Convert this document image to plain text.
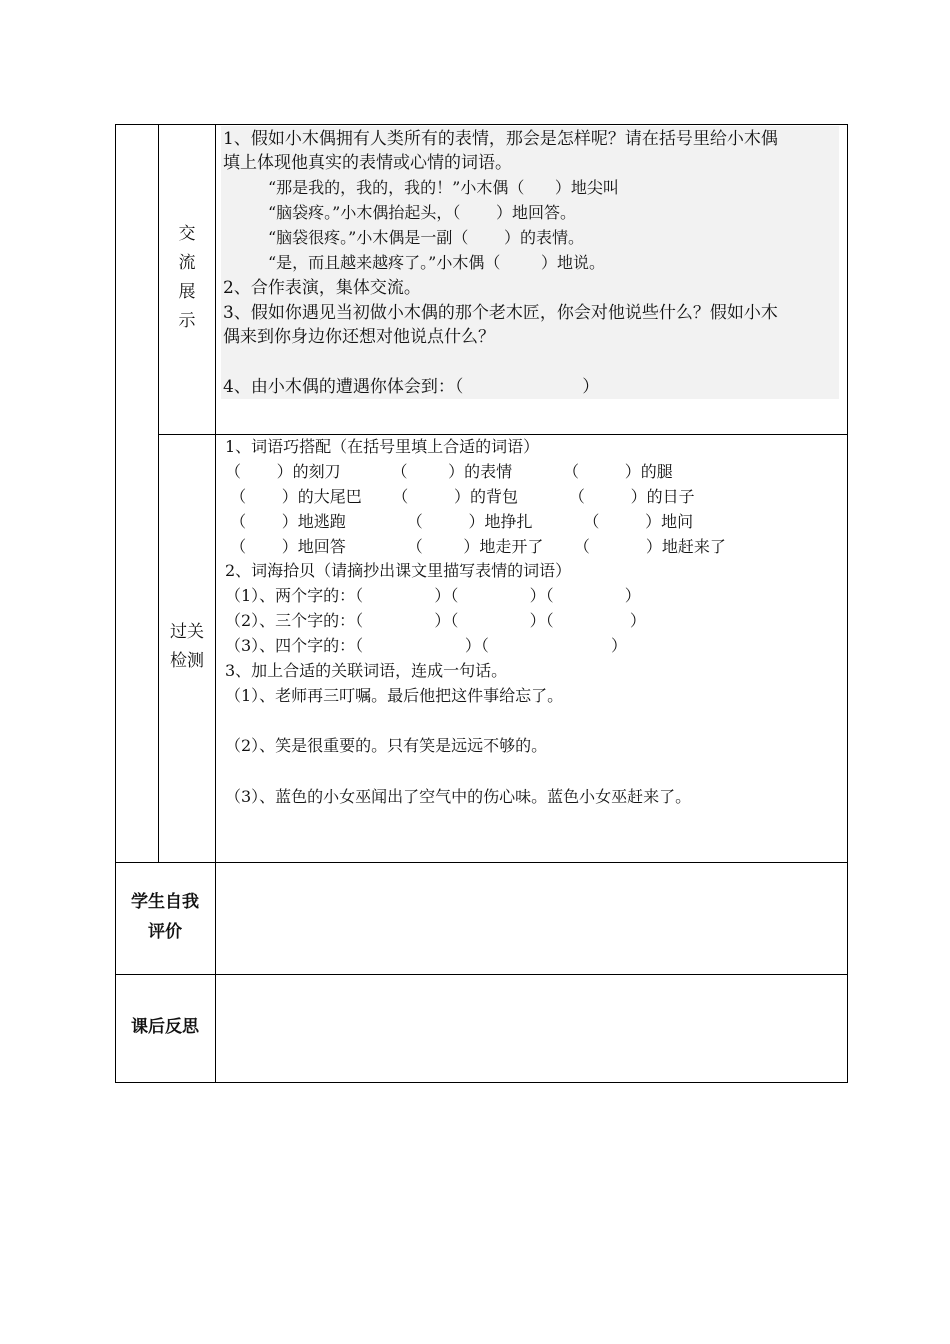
交
流
展
示
过关
检测
学生自我
评价
课后反思
1、假如小木偶拥有人类所有的表情，那会是怎样呢？请在括号里给小木偶
填上体现他真实的表情或心情的词语。
“那是我的，我的，我的！”小木偶（      ）地尖叫
“脑袋疼。”小木偶抬起头，（       ）地回答。
“脑袋很疼。”小木偶是一副（       ）的表情。
“是，而且越来越疼了。”小木偶（        ）地说。
2、合作表演，集体交流。
3、假如你遇见当初做小木偶的那个老木匠，你会对他说些什么？假如小木
偶来到你身边你还想对他说点什么？
4、由小木偶的遭遇你体会到：（                      ）
1、词语巧搭配（在括号里填上合适的词语）
（       ）的刻刀          （        ）的表情          （         ）的腿
（       ）的大尾巴      （         ）的背包          （         ）的日子
（       ）地逃跑            （         ）地挣扎          （         ）地问
（       ）地回答            （        ）地走开了      （           ）地赶来了
2、词海拾贝（请摘抄出课文里描写表情的词语）
（1）、两个字的：（              ）（              ）（              ）
（2）、三个字的：（              ）（              ）（               ）
（3）、四个字的：（                    ）（                        ）
3、加上合适的关联词语，连成一句话。
（1）、老师再三叮嘱。最后他把这件事给忘了。
（2）、笑是很重要的。只有笑是远远不够的。
（3）、蓝色的小女巫闻出了空气中的伤心味。蓝色小女巫赶来了。
